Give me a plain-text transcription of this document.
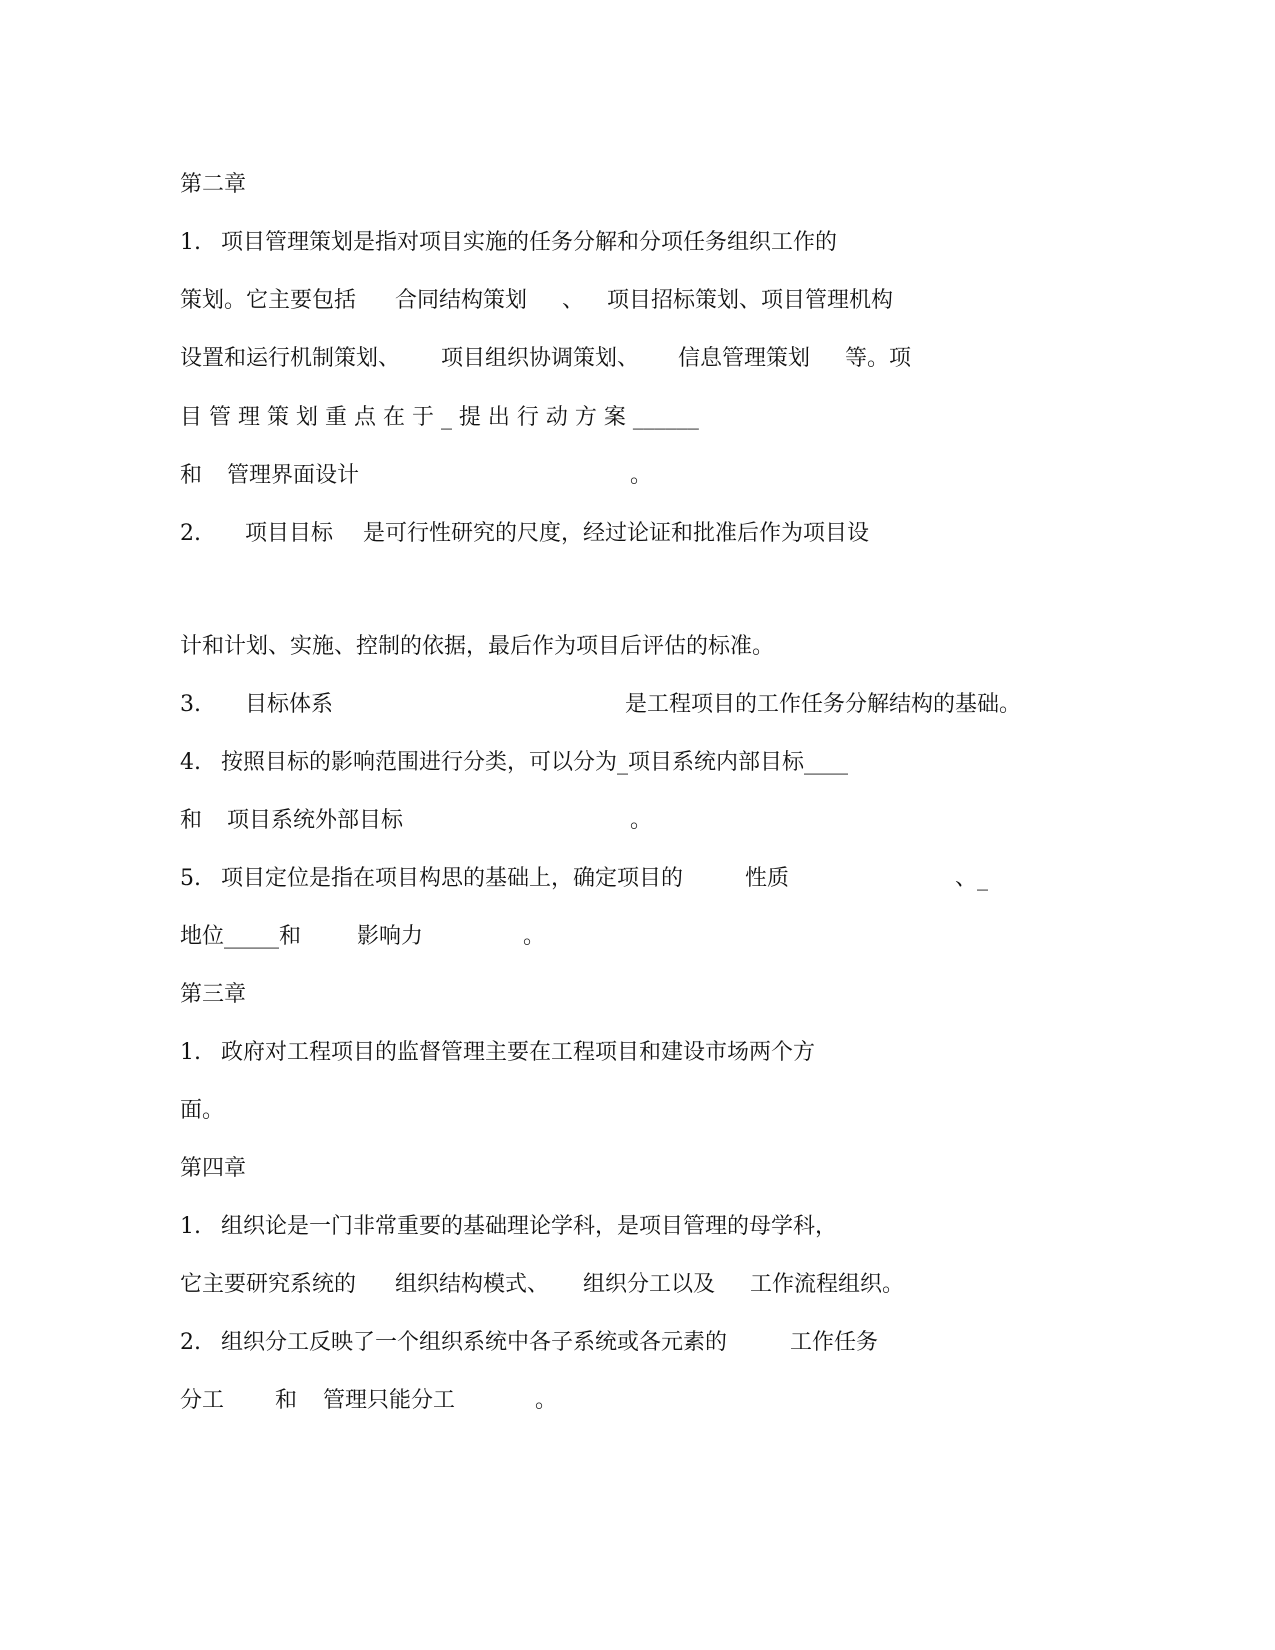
第二章

1.

项目管理策划是指对项目实施的任务分解和分项任务组织工作的

策划。它主要包括

合同结构策划

、

项目招标策划、项目管理机构

设置和运行机制策划、

项目组织协调策划、

信息管理策划

等。项

目 管 理 策 划 重 点 在 于 _ 提 出 行 动 方 案 ______

和

管理界面设计

	。

2.

项目目标

是可行性研究的尺度，经过论证和批准后作为项目设

计和计划、实施、控制的依据，最后作为项目后评估的标准。

3.

目标体系

	是工程项目的工作任务分解结构的基础。

4.

按照目标的影响范围进行分类，可以分为_项目系统内部目标____

和

项目系统外部目标

	。

5.

项目定位是指在项目构思的基础上，确定项目的

	性质

	、_

地位_____和

	影响力

	。

第三章

1.

政府对工程项目的监督管理主要在工程项目和建设市场两个方

面。

第四章

1.

组织论是一门非常重要的基础理论学科，是项目管理的母学科，

它主要研究系统的

组织结构模式、

组织分工以及

工作流程组织。

2.

组织分工反映了一个组织系统中各子系统或各元素的

	工作任务

分工

和

管理只能分工

	。
